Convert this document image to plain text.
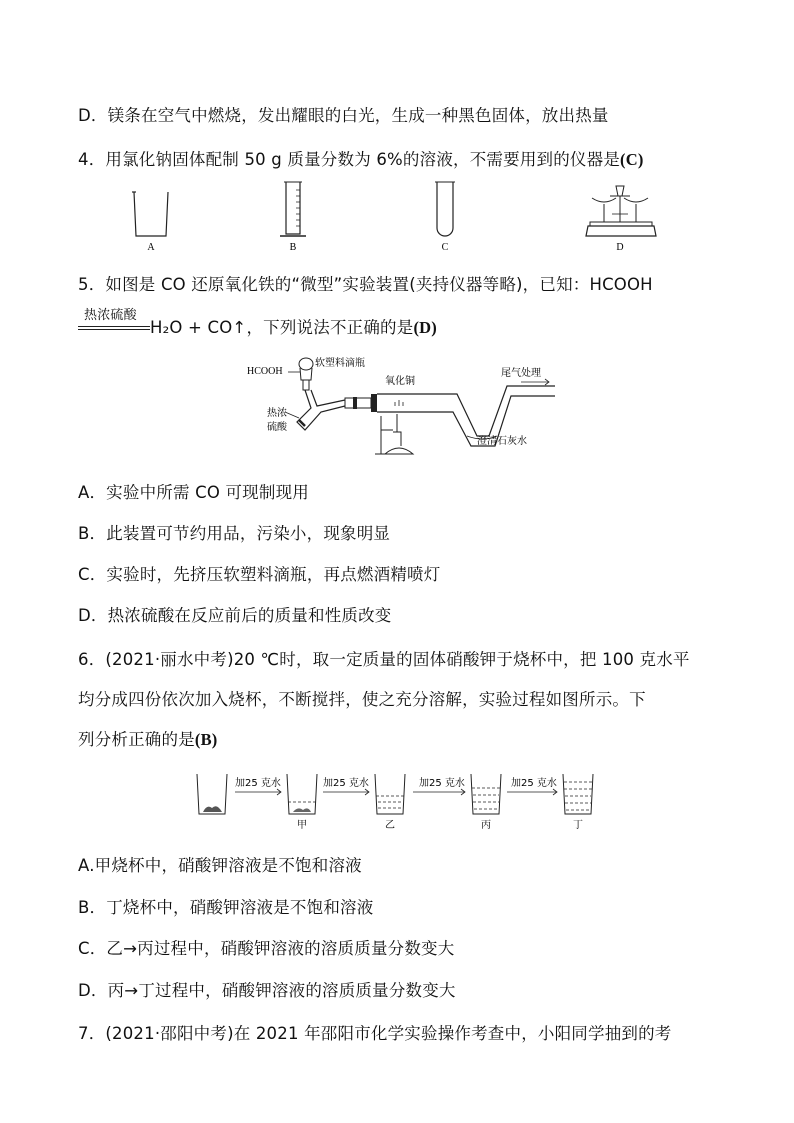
D．镁条在空气中燃烧，发出耀眼的白光，生成一种黑色固体，放出热量
4．用氯化钠固体配制 50 g 质量分数为 6%的溶液，不需要用到的仪器是(C)
A	B	C	D
5．如图是 CO 还原氧化铁的“微型”实验装置(夹持仪器等略)，已知：HCOOH
热浓硫酸
H₂O + CO↑，下列说法不正确的是(D)
HCOOH
软塑料滴瓶
热浓
硫酸
氧化铜
尾气处理
澄清石灰水
A．实验中所需 CO 可现制现用
B．此装置可节约用品，污染小，现象明显
C．实验时，先挤压软塑料滴瓶，再点燃酒精喷灯
D．热浓硫酸在反应前后的质量和性质改变
6．(2021·丽水中考)20 ℃时，取一定质量的固体硝酸钾于烧杯中，把 100 克水平
均分成四份依次加入烧杯，不断搅拌，使之充分溶解，实验过程如图所示。下
列分析正确的是(B)
加25 克水
甲
加25 克水
乙
加25 克水
丙
加25 克水
丁
A.甲烧杯中，硝酸钾溶液是不饱和溶液
B．丁烧杯中，硝酸钾溶液是不饱和溶液
C．乙→丙过程中，硝酸钾溶液的溶质质量分数变大
D．丙→丁过程中，硝酸钾溶液的溶质质量分数变大
7．(2021·邵阳中考)在 2021 年邵阳市化学实验操作考查中，小阳同学抽到的考
